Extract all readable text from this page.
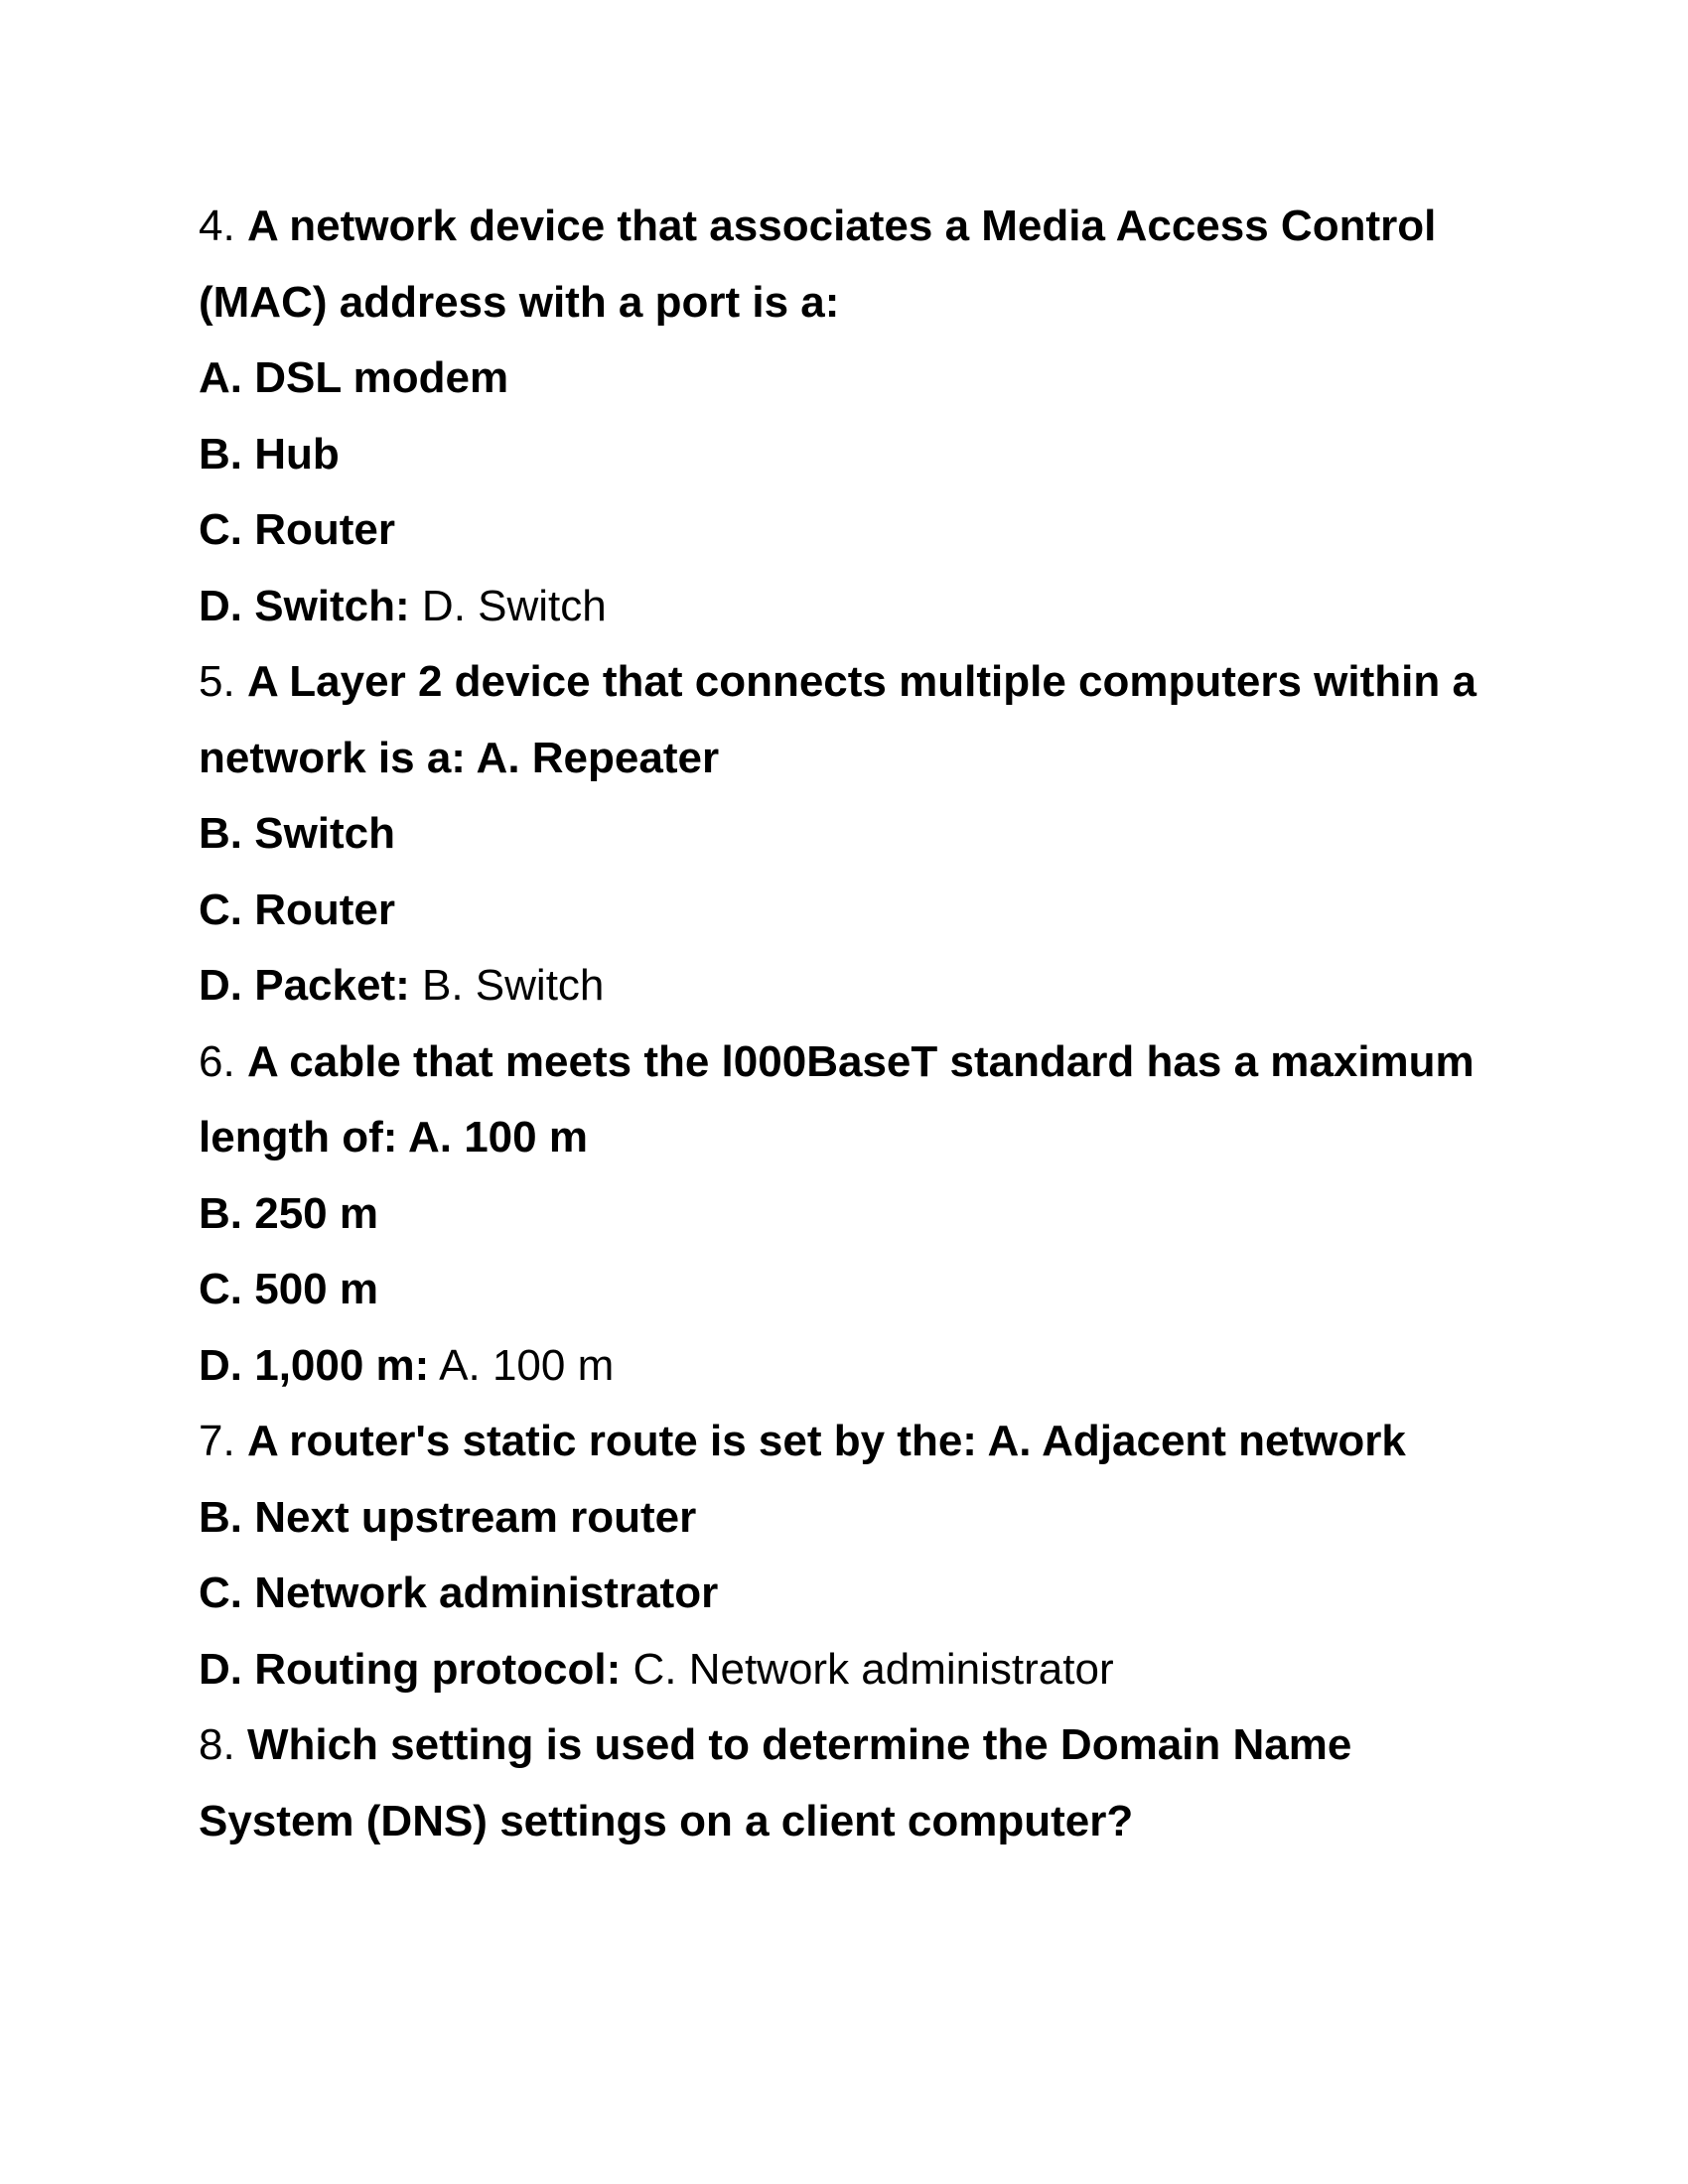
4. A network device that associates a Media Access Control
(MAC) address with a port is a:
A. DSL modem
B. Hub
C. Router
D. Switch: D. Switch
5. A Layer 2 device that connects multiple computers within a
network is a: A. Repeater
B. Switch
C. Router
D. Packet: B. Switch
6. A cable that meets the l000BaseT standard has a maximum
length of: A. 100 m
B. 250 m
C. 500 m
D. 1,000 m: A. 100 m
7. A router's static route is set by the: A. Adjacent network
B. Next upstream router
C. Network administrator
D. Routing protocol: C. Network administrator
8. Which setting is used to determine the Domain Name
System (DNS) settings on a client computer?
